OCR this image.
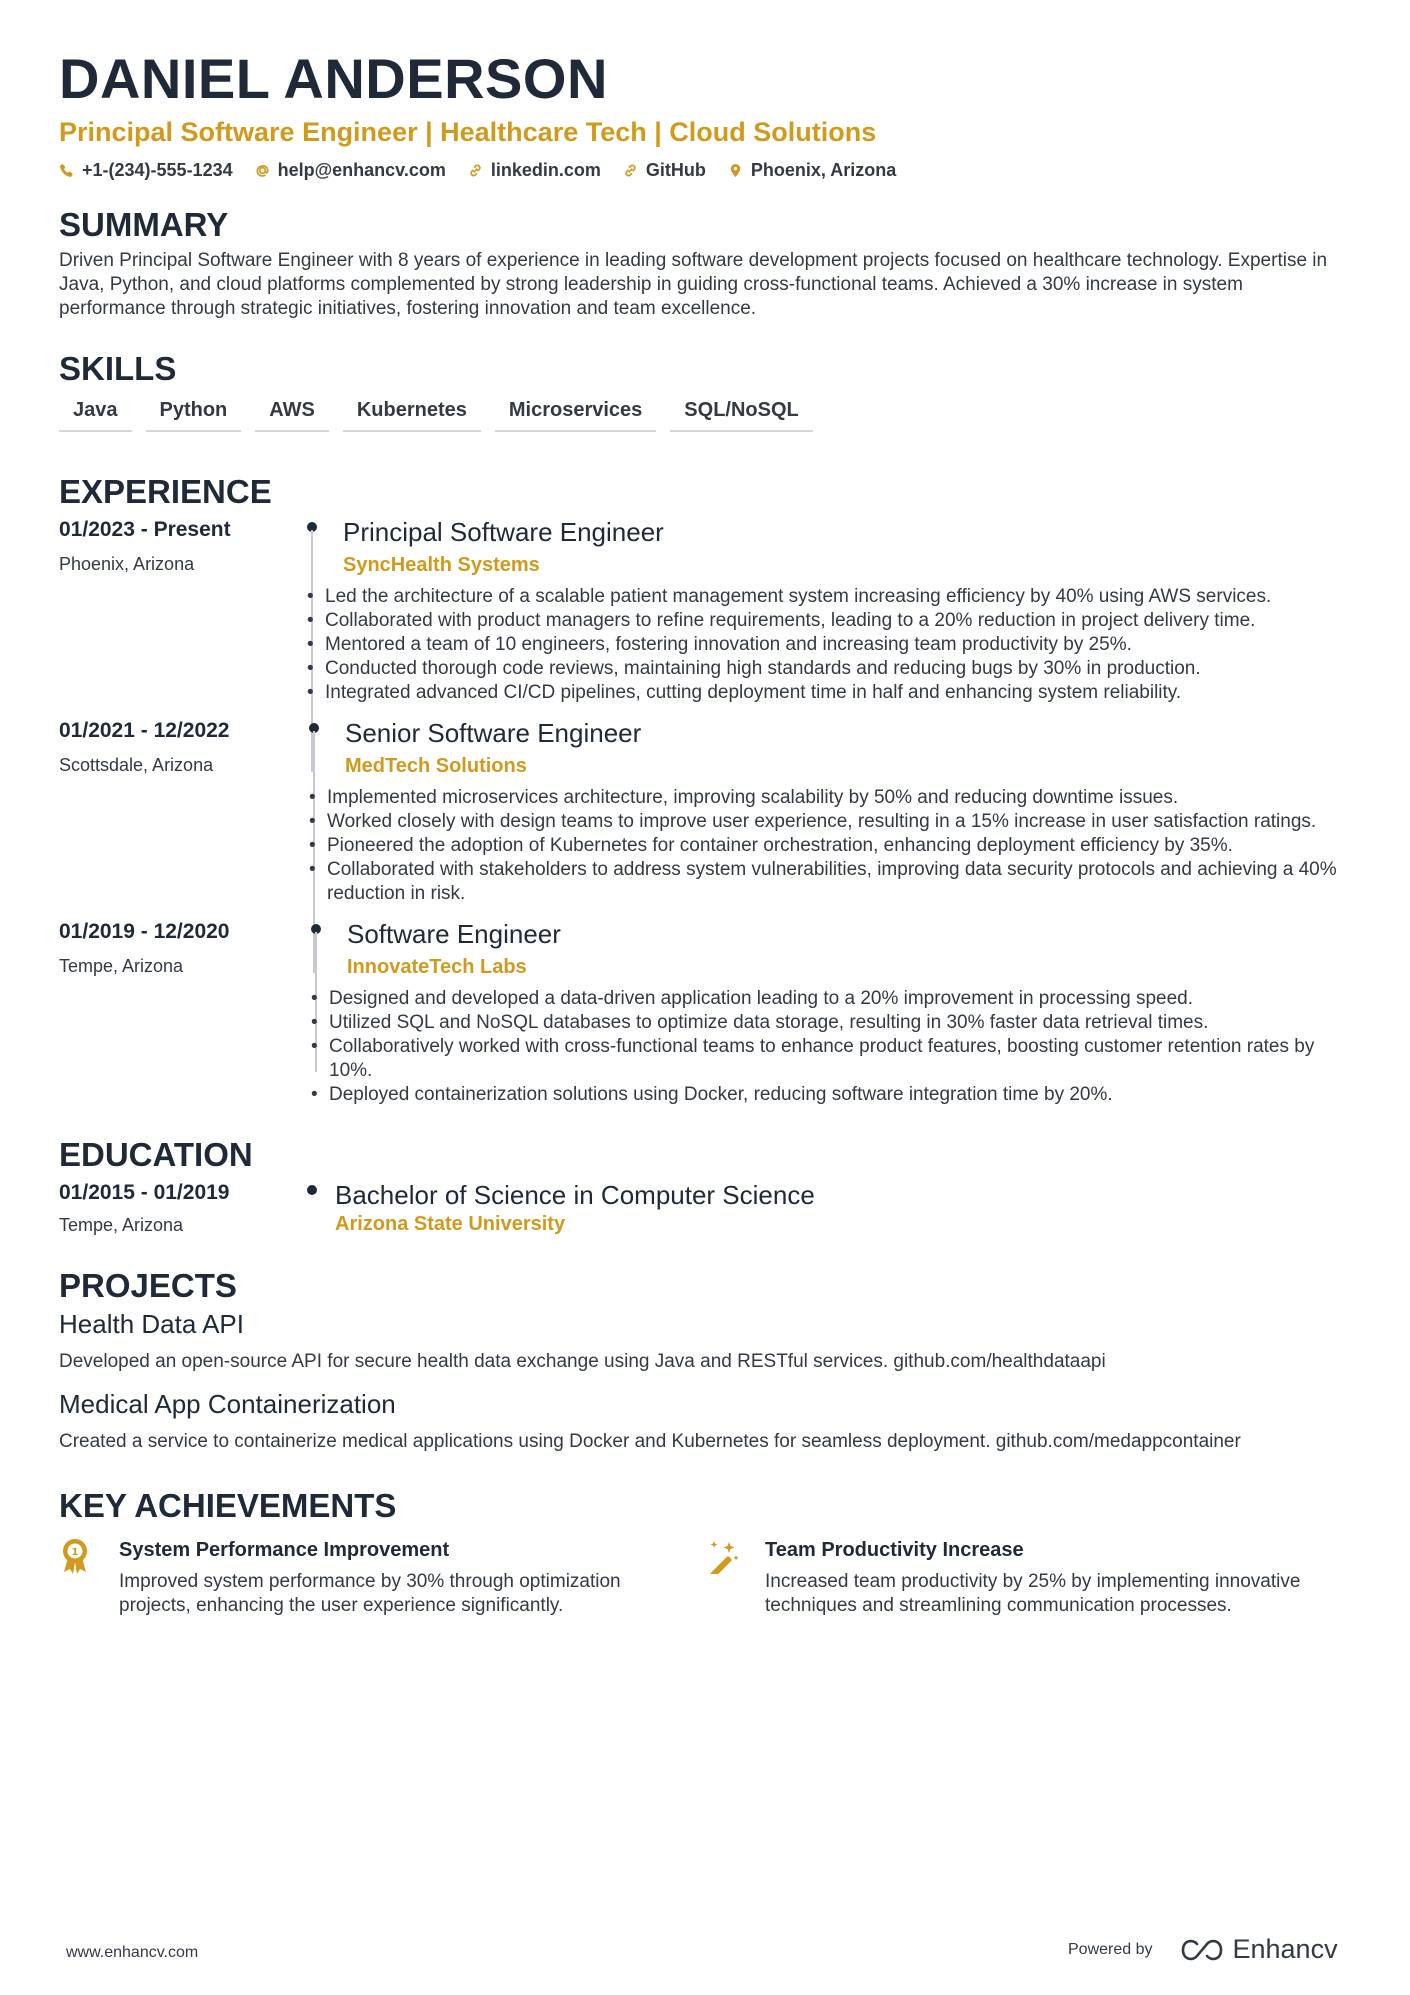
DANIEL ANDERSON
Principal Software Engineer | Healthcare Tech | Cloud Solutions
+1-(234)-555-1234	help@enhancv.com	linkedin.com	GitHub	Phoenix, Arizona
SUMMARY
Driven Principal Software Engineer with 8 years of experience in leading software development projects focused on healthcare technology. Expertise in Java, Python, and cloud platforms complemented by strong leadership in guiding cross-functional teams. Achieved a 30% increase in system performance through strategic initiatives, fostering innovation and team excellence.
SKILLS
Java	Python	AWS	Kubernetes	Microservices	SQL/NoSQL
EXPERIENCE
01/2023 - Present
Phoenix, Arizona
Principal Software Engineer
SyncHealth Systems
• Led the architecture of a scalable patient management system increasing efficiency by 40% using AWS services.
• Collaborated with product managers to refine requirements, leading to a 20% reduction in project delivery time.
• Mentored a team of 10 engineers, fostering innovation and increasing team productivity by 25%.
• Conducted thorough code reviews, maintaining high standards and reducing bugs by 30% in production.
• Integrated advanced CI/CD pipelines, cutting deployment time in half and enhancing system reliability.
01/2021 - 12/2022
Scottsdale, Arizona
Senior Software Engineer
MedTech Solutions
• Implemented microservices architecture, improving scalability by 50% and reducing downtime issues.
• Worked closely with design teams to improve user experience, resulting in a 15% increase in user satisfaction ratings.
• Pioneered the adoption of Kubernetes for container orchestration, enhancing deployment efficiency by 35%.
• Collaborated with stakeholders to address system vulnerabilities, improving data security protocols and achieving a 40% reduction in risk.
01/2019 - 12/2020
Tempe, Arizona
Software Engineer
InnovateTech Labs
• Designed and developed a data-driven application leading to a 20% improvement in processing speed.
• Utilized SQL and NoSQL databases to optimize data storage, resulting in 30% faster data retrieval times.
• Collaboratively worked with cross-functional teams to enhance product features, boosting customer retention rates by 10%.
• Deployed containerization solutions using Docker, reducing software integration time by 20%.
EDUCATION
01/2015 - 01/2019
Tempe, Arizona
Bachelor of Science in Computer Science
Arizona State University
PROJECTS
Health Data API
Developed an open-source API for secure health data exchange using Java and RESTful services. github.com/healthdataapi
Medical App Containerization
Created a service to containerize medical applications using Docker and Kubernetes for seamless deployment. github.com/medappcontainer
KEY ACHIEVEMENTS
1 System Performance Improvement
Improved system performance by 30% through optimization projects, enhancing the user experience significantly.
Team Productivity Increase
Increased team productivity by 25% by implementing innovative techniques and streamlining communication processes.
www.enhancv.com	Powered by	Enhancv
